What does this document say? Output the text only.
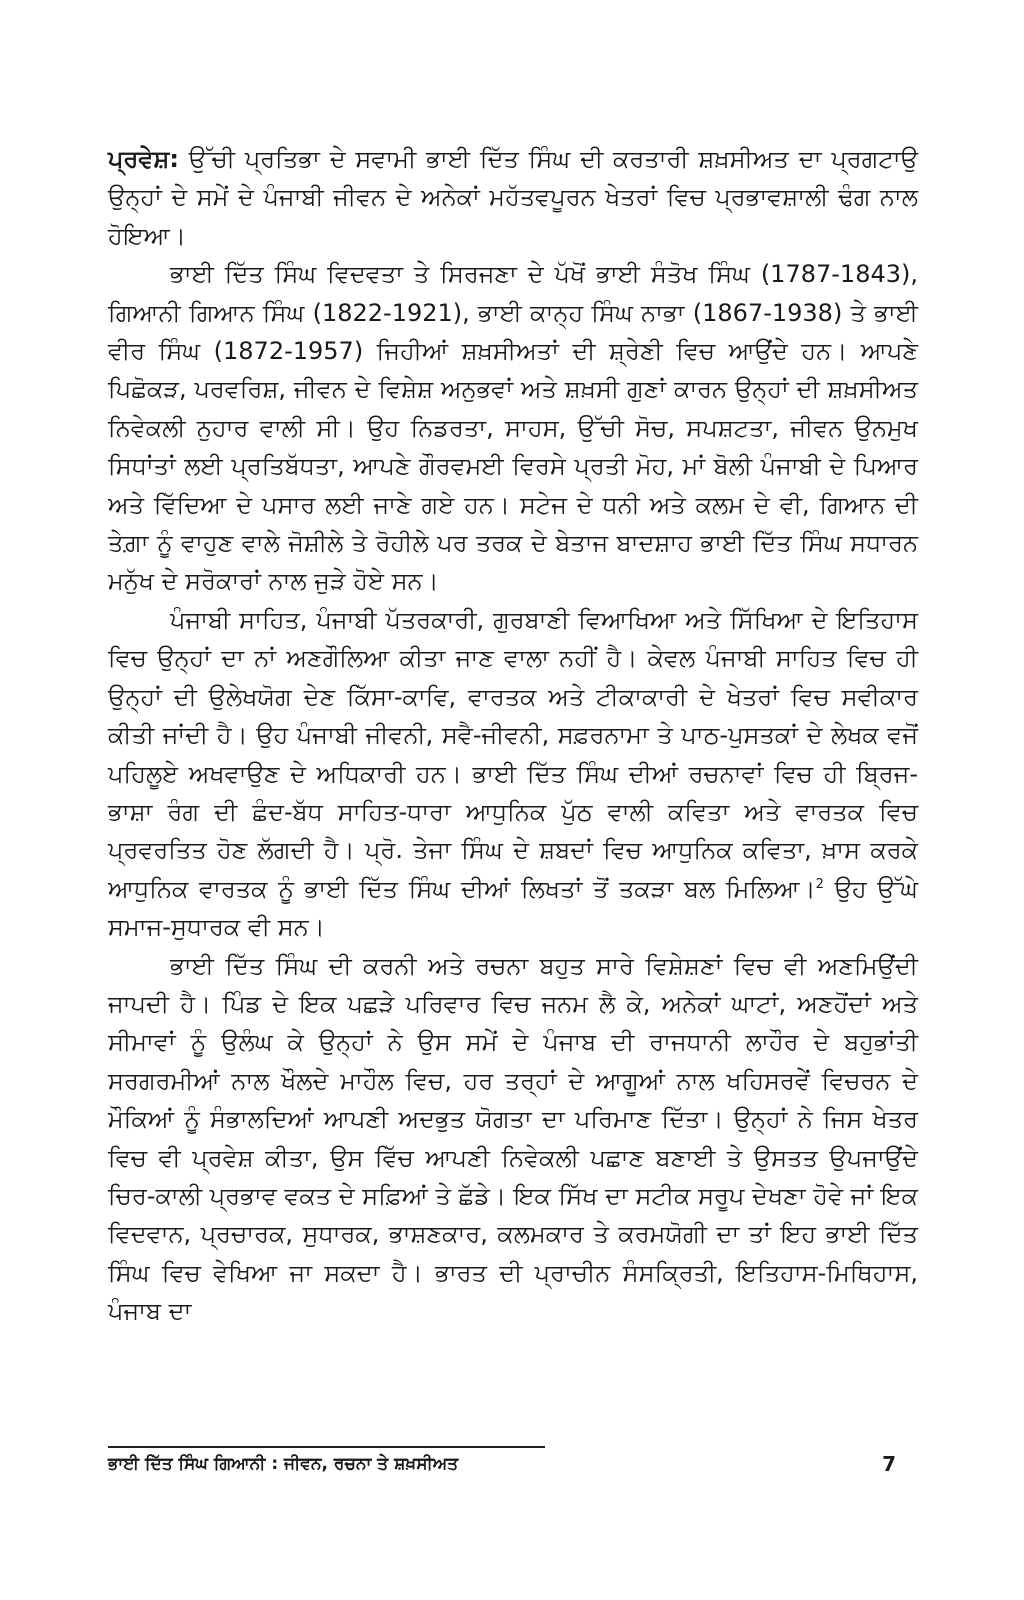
ਪ੍ਰਵੇਸ਼: ਉੱਚੀ ਪ੍ਰਤਿਭਾ ਦੇ ਸਵਾਮੀ ਭਾਈ ਦਿੱਤ ਸਿੰਘ ਦੀ ਕਰਤਾਰੀ ਸ਼ਖ਼ਸੀਅਤ ਦਾ ਪ੍ਰਗਟਾਉ ਉਨ੍ਹਾਂ ਦੇ ਸਮੇਂ ਦੇ ਪੰਜਾਬੀ ਜੀਵਨ ਦੇ ਅਨੇਕਾਂ ਮਹੱਤਵਪੂਰਨ ਖੇਤਰਾਂ ਵਿਚ ਪ੍ਰਭਾਵਸ਼ਾਲੀ ਢੰਗ ਨਾਲ ਹੋਇਆ।

ਭਾਈ ਦਿੱਤ ਸਿੰਘ ਵਿਦਵਤਾ ਤੇ ਸਿਰਜਣਾ ਦੇ ਪੱਖੋਂ ਭਾਈ ਸੰਤੋਖ ਸਿੰਘ (1787-1843), ਗਿਆਨੀ ਗਿਆਨ ਸਿੰਘ (1822-1921), ਭਾਈ ਕਾਨ੍ਹ ਸਿੰਘ ਨਾਭਾ (1867-1938) ਤੇ ਭਾਈ ਵੀਰ ਸਿੰਘ (1872-1957) ਜਿਹੀਆਂ ਸ਼ਖ਼ਸੀਅਤਾਂ ਦੀ ਸ਼੍ਰੇਣੀ ਵਿਚ ਆਉਂਦੇ ਹਨ। ਆਪਣੇ ਪਿਛੋਕੜ, ਪਰਵਰਿਸ਼, ਜੀਵਨ ਦੇ ਵਿਸ਼ੇਸ਼ ਅਨੁਭਵਾਂ ਅਤੇ ਸ਼ਖ਼ਸੀ ਗੁਣਾਂ ਕਾਰਨ ਉਨ੍ਹਾਂ ਦੀ ਸ਼ਖ਼ਸੀਅਤ ਨਿਵੇਕਲੀ ਨੁਹਾਰ ਵਾਲੀ ਸੀ। ਉਹ ਨਿਡਰਤਾ, ਸਾਹਸ, ਉੱਚੀ ਸੋਚ, ਸਪਸ਼ਟਤਾ, ਜੀਵਨ ਉਨਮੁਖ ਸਿਧਾਂਤਾਂ ਲਈ ਪ੍ਰਤਿਬੱਧਤਾ, ਆਪਣੇ ਗੌਰਵਮਈ ਵਿਰਸੇ ਪ੍ਰਤੀ ਮੋਹ, ਮਾਂ ਬੋਲੀ ਪੰਜਾਬੀ ਦੇ ਪਿਆਰ ਅਤੇ ਵਿੱਦਿਆ ਦੇ ਪਸਾਰ ਲਈ ਜਾਣੇ ਗਏ ਹਨ। ਸਟੇਜ ਦੇ ਧਨੀ ਅਤੇ ਕਲਮ ਦੇ ਵੀ, ਗਿਆਨ ਦੀ ਤੇਗ਼ਾ ਨੂੰ ਵਾਹੁਣ ਵਾਲੇ ਜੋਸ਼ੀਲੇ ਤੇ ਰੋਹੀਲੇ ਪਰ ਤਰਕ ਦੇ ਬੇਤਾਜ ਬਾਦਸ਼ਾਹ ਭਾਈ ਦਿੱਤ ਸਿੰਘ ਸਧਾਰਨ ਮਨੁੱਖ ਦੇ ਸਰੋਕਾਰਾਂ ਨਾਲ ਜੁੜੇ ਹੋਏ ਸਨ।

ਪੰਜਾਬੀ ਸਾਹਿਤ, ਪੰਜਾਬੀ ਪੱਤਰਕਾਰੀ, ਗੁਰਬਾਣੀ ਵਿਆਖਿਆ ਅਤੇ ਸਿੱਖਿਆ ਦੇ ਇਤਿਹਾਸ ਵਿਚ ਉਨ੍ਹਾਂ ਦਾ ਨਾਂ ਅਣਗੌਲਿਆ ਕੀਤਾ ਜਾਣ ਵਾਲਾ ਨਹੀਂ ਹੈ। ਕੇਵਲ ਪੰਜਾਬੀ ਸਾਹਿਤ ਵਿਚ ਹੀ ਉਨ੍ਹਾਂ ਦੀ ਉਲੇਖਯੋਗ ਦੇਣ ਕਿੱਸਾ-ਕਾਵਿ, ਵਾਰਤਕ ਅਤੇ ਟੀਕਾਕਾਰੀ ਦੇ ਖੇਤਰਾਂ ਵਿਚ ਸਵੀਕਾਰ ਕੀਤੀ ਜਾਂਦੀ ਹੈ। ਉਹ ਪੰਜਾਬੀ ਜੀਵਨੀ, ਸਵੈ-ਜੀਵਨੀ, ਸਫ਼ਰਨਾਮਾ ਤੇ ਪਾਠ-ਪੁਸਤਕਾਂ ਦੇ ਲੇਖਕ ਵਜੋਂ ਪਹਿਲੂਏ ਅਖਵਾਉਣ ਦੇ ਅਧਿਕਾਰੀ ਹਨ। ਭਾਈ ਦਿੱਤ ਸਿੰਘ ਦੀਆਂ ਰਚਨਾਵਾਂ ਵਿਚ ਹੀ ਬ੍ਰਿਜ-ਭਾਸ਼ਾ ਰੰਗ ਦੀ ਛੰਦ-ਬੱਧ ਸਾਹਿਤ-ਧਾਰਾ ਆਧੁਨਿਕ ਪੁੱਠ ਵਾਲੀ ਕਵਿਤਾ ਅਤੇ ਵਾਰਤਕ ਵਿਚ ਪ੍ਰਵਰਤਿਤ ਹੋਣ ਲੱਗਦੀ ਹੈ। ਪ੍ਰੋ. ਤੇਜਾ ਸਿੰਘ ਦੇ ਸ਼ਬਦਾਂ ਵਿਚ ਆਧੁਨਿਕ ਕਵਿਤਾ, ਖ਼ਾਸ ਕਰਕੇ ਆਧੁਨਿਕ ਵਾਰਤਕ ਨੂੰ ਭਾਈ ਦਿੱਤ ਸਿੰਘ ਦੀਆਂ ਲਿਖਤਾਂ ਤੋਂ ਤਕੜਾ ਬਲ ਮਿਲਿਆ।$^2$ ਉਹ ਉੱਘੇ ਸਮਾਜ-ਸੁਧਾਰਕ ਵੀ ਸਨ।

ਭਾਈ ਦਿੱਤ ਸਿੰਘ ਦੀ ਕਰਨੀ ਅਤੇ ਰਚਨਾ ਬਹੁਤ ਸਾਰੇ ਵਿਸ਼ੇਸ਼ਣਾਂ ਵਿਚ ਵੀ ਅਣਮਿਉਂਦੀ ਜਾਪਦੀ ਹੈ। ਪਿੰਡ ਦੇ ਇਕ ਪਛੜੇ ਪਰਿਵਾਰ ਵਿਚ ਜਨਮ ਲੈ ਕੇ, ਅਨੇਕਾਂ ਘਾਟਾਂ, ਅਣਹੋਂਦਾਂ ਅਤੇ ਸੀਮਾਵਾਂ ਨੂੰ ਉਲੰਘ ਕੇ ਉਨ੍ਹਾਂ ਨੇ ਉਸ ਸਮੇਂ ਦੇ ਪੰਜਾਬ ਦੀ ਰਾਜਧਾਨੀ ਲਾਹੌਰ ਦੇ ਬਹੁਭਾਂਤੀ ਸਰਗਰਮੀਆਂ ਨਾਲ ਖੌਲਦੇ ਮਾਹੌਲ ਵਿਚ, ਹਰ ਤਰ੍ਹਾਂ ਦੇ ਆਗੂਆਂ ਨਾਲ ਖਹਿਸਰਵੇਂ ਵਿਚਰਨ ਦੇ ਮੌਕਿਆਂ ਨੂੰ ਸੰਭਾਲਦਿਆਂ ਆਪਣੀ ਅਦਭੁਤ ਯੋਗਤਾ ਦਾ ਪਰਿਮਾਣ ਦਿੱਤਾ। ਉਨ੍ਹਾਂ ਨੇ ਜਿਸ ਖੇਤਰ ਵਿਚ ਵੀ ਪ੍ਰਵੇਸ਼ ਕੀਤਾ, ਉਸ ਵਿੱਚ ਆਪਣੀ ਨਿਵੇਕਲੀ ਪਛਾਣ ਬਣਾਈ ਤੇ ਉਸਤਤ ਉਪਜਾਉਂਦੇ ਚਿਰ-ਕਾਲੀ ਪ੍ਰਭਾਵ ਵਕਤ ਦੇ ਸਫ਼ਿਆਂ ਤੇ ਛੱਡੇ। ਇਕ ਸਿੱਖ ਦਾ ਸਟੀਕ ਸਰੂਪ ਦੇਖਣਾ ਹੋਵੇ ਜਾਂ ਇਕ ਵਿਦਵਾਨ, ਪ੍ਰਚਾਰਕ, ਸੁਧਾਰਕ, ਭਾਸ਼ਣਕਾਰ, ਕਲਮਕਾਰ ਤੇ ਕਰਮਯੋਗੀ ਦਾ ਤਾਂ ਇਹ ਭਾਈ ਦਿੱਤ ਸਿੰਘ ਵਿਚ ਵੇਖਿਆ ਜਾ ਸਕਦਾ ਹੈ। ਭਾਰਤ ਦੀ ਪ੍ਰਾਚੀਨ ਸੰਸਕ੍ਰਿਤੀ, ਇਤਿਹਾਸ-ਮਿਥਿਹਾਸ, ਪੰਜਾਬ ਦਾ

ਭਾਈ ਦਿੱਤ ਸਿੰਘ ਗਿਆਨੀ : ਜੀਵਨ, ਰਚਨਾ ਤੇ ਸ਼ਖ਼ਸੀਅਤ	7
